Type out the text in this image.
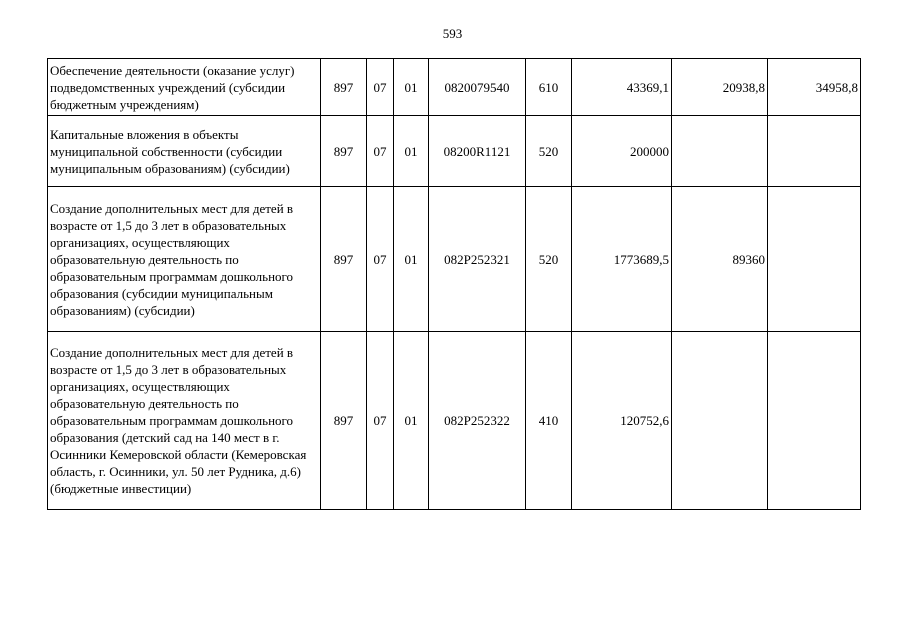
593
Обеспечение деятельности (оказание услуг) подведомственных учреждений (субсидии бюджетным учреждениям)	897	07	01	0820079540	610	43369,1	20938,8	34958,8
Капитальные вложения в объекты муниципальной собственности (субсидии муниципальным образованиям) (субсидии)	897	07	01	08200R1121	520	200000		
Создание дополнительных мест для детей в возрасте от 1,5 до 3 лет в образовательных организациях, осуществляющих образовательную деятельность по образовательным программам дошкольного образования (субсидии муниципальным образованиям) (субсидии)	897	07	01	082P252321	520	1773689,5	89360	
Создание дополнительных мест для детей в возрасте от 1,5 до 3 лет в образовательных организациях, осуществляющих образовательную деятельность по образовательным программам дошкольного образования (детский сад на 140 мест в г. Осинники Кемеровской области (Кемеровская область, г. Осинники, ул. 50 лет Рудника, д.6) (бюджетные инвестиции)	897	07	01	082P252322	410	120752,6		
